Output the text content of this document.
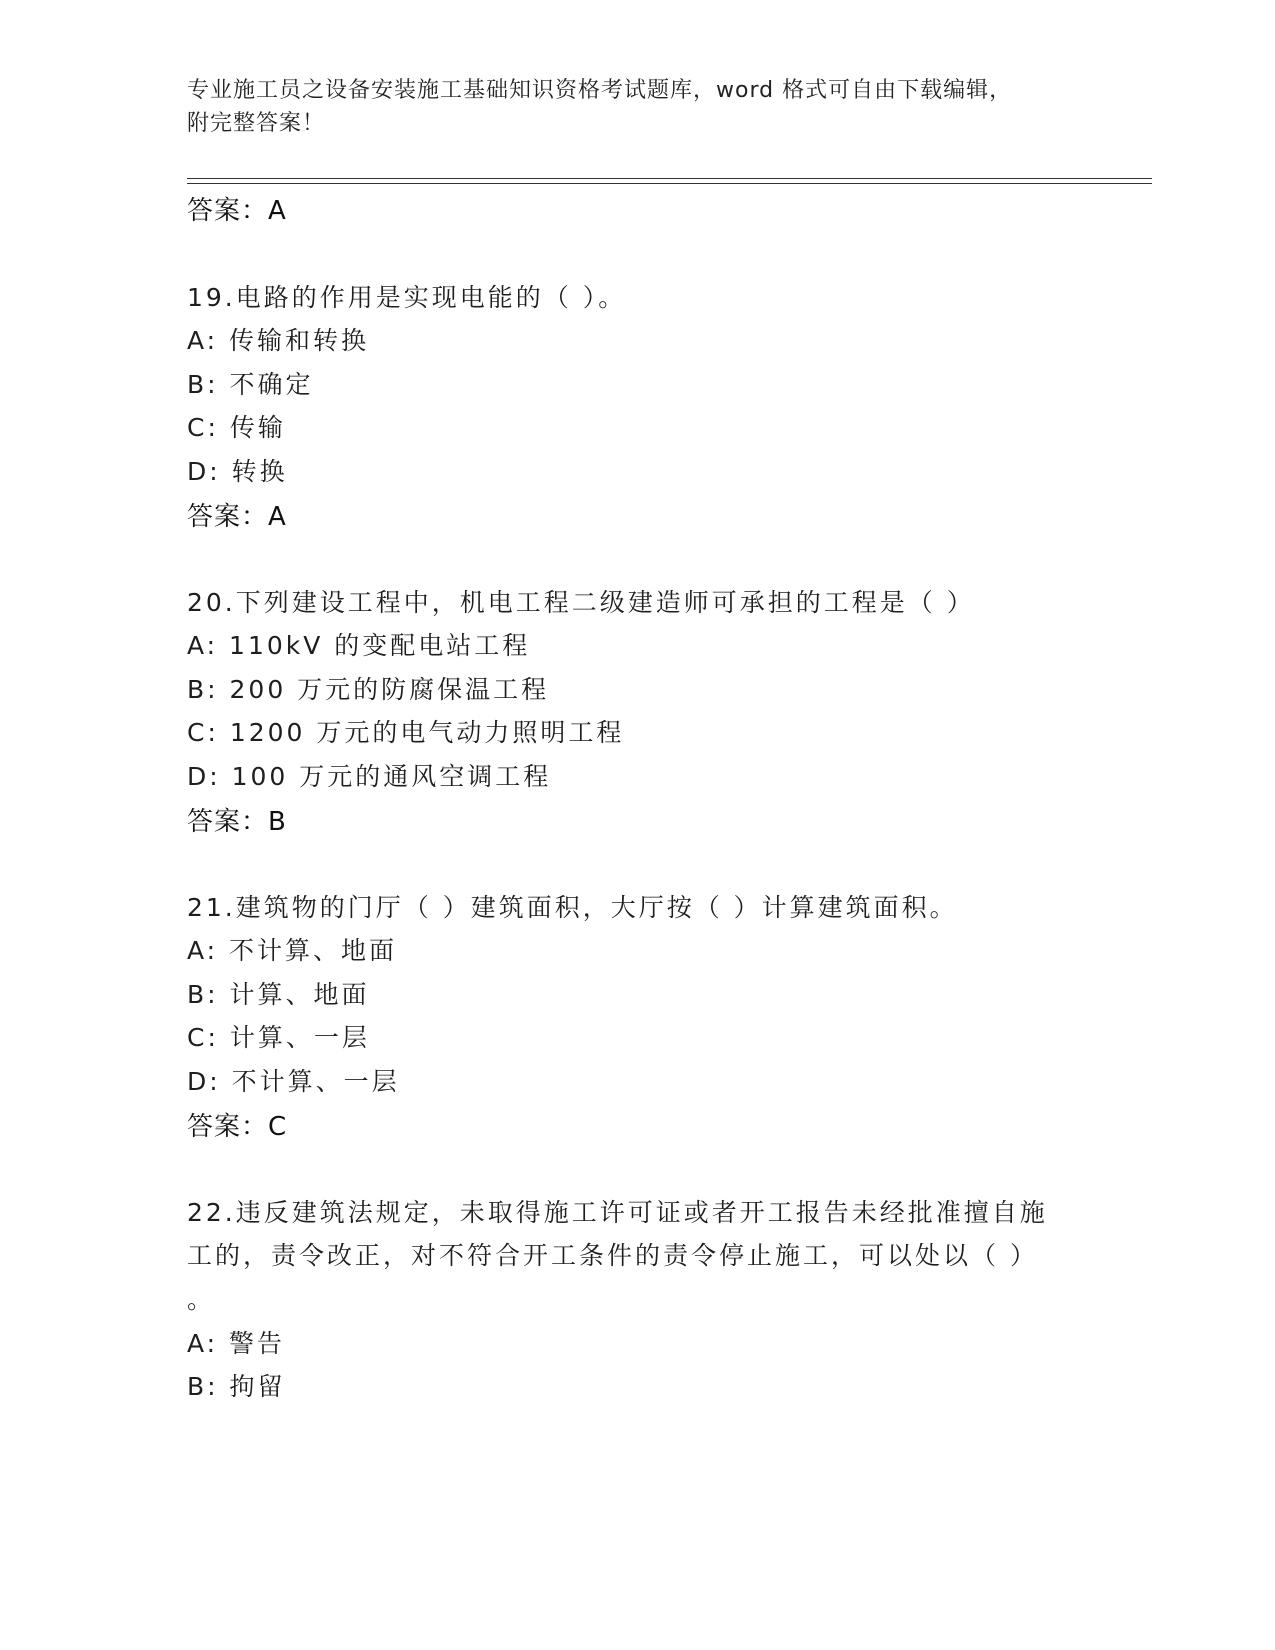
专业施工员之设备安装施工基础知识资格考试题库，word 格式可自由下载编辑，
附完整答案！
答案：A
19.电路的作用是实现电能的（ ）。
A: 传输和转换
B: 不确定
C: 传输
D: 转换
答案：A
20.下列建设工程中，机电工程二级建造师可承担的工程是（ ）
A: 110kV 的变配电站工程
B: 200 万元的防腐保温工程
C: 1200 万元的电气动力照明工程
D: 100 万元的通风空调工程
答案：B
21.建筑物的门厅（ ）建筑面积，大厅按（ ）计算建筑面积。
A: 不计算、地面
B: 计算、地面
C: 计算、一层
D: 不计算、一层
答案：C
22.违反建筑法规定，未取得施工许可证或者开工报告未经批准擅自施
工的，责令改正，对不符合开工条件的责令停止施工，可以处以（ ）
。
A: 警告
B: 拘留
